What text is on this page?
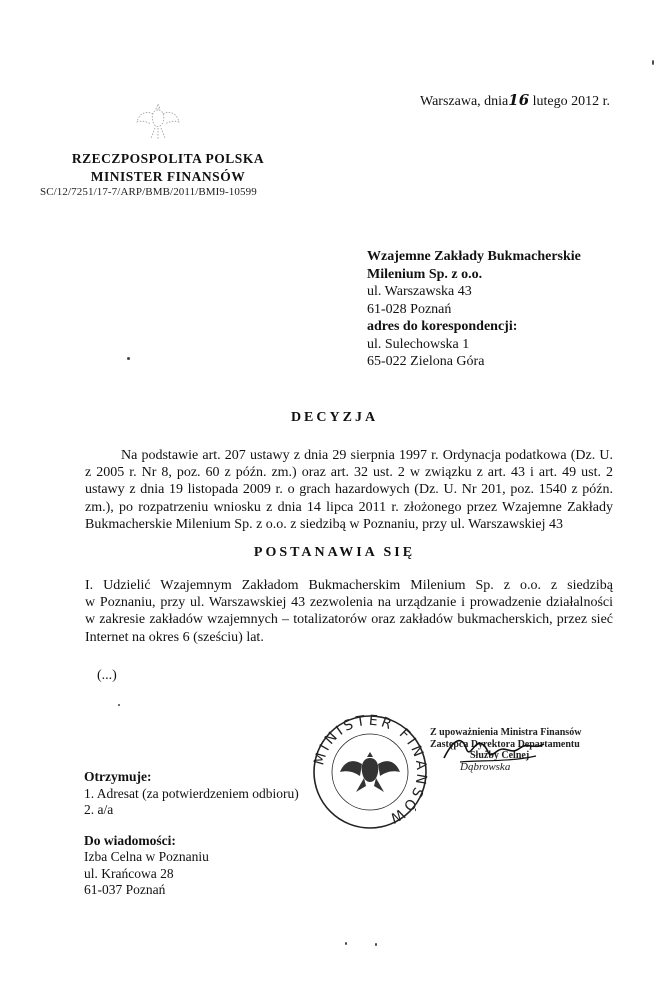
Warszawa, dnia16 lutego 2012 r.
RZECZPOSPOLITA POLSKA
MINISTER FINANSÓW
SC/12/7251/17-7/ARP/BMB/2011/BMI9-10599
Wzajemne Zakłady Bukmacherskie
Milenium Sp. z o.o.
ul. Warszawska 43
61-028 Poznań
adres do korespondencji:
ul. Sulechowska 1
65-022 Zielona Góra
DECYZJA
Na podstawie art. 207 ustawy z dnia 29 sierpnia 1997 r. Ordynacja podatkowa (Dz. U.
z 2005 r. Nr 8, poz. 60 z późn. zm.) oraz art. 32 ust. 2 w związku z art. 43 i art. 49 ust. 2
ustawy z dnia 19 listopada 2009 r. o grach hazardowych (Dz. U. Nr 201, poz. 1540 z późn.
zm.), po rozpatrzeniu wniosku z dnia 14 lipca 2011 r. złożonego przez Wzajemne Zakłady
Bukmacherskie Milenium Sp. z o.o. z siedzibą w Poznaniu, przy ul. Warszawskiej 43
POSTANAWIA SIĘ
I. Udzielić Wzajemnym Zakładom Bukmacherskim Milenium Sp. z o.o. z siedzibą
w Poznaniu, przy ul. Warszawskiej 43 zezwolenia na urządzanie i prowadzenie działalności
w zakresie zakładów wzajemnych – totalizatorów oraz zakładów bukmacherskich, przez sieć
Internet na okres 6 (sześciu) lat.
(...)
MINISTER FINANSÓW
Z upoważnienia Ministra Finansów
Zastępca Dyrektora Departamentu
Służby Celnej
Dąbrowska
Otrzymuje:
1. Adresat (za potwierdzeniem odbioru)
2. a/a
Do wiadomości:
Izba Celna w Poznaniu
ul. Krańcowa 28
61-037 Poznań
